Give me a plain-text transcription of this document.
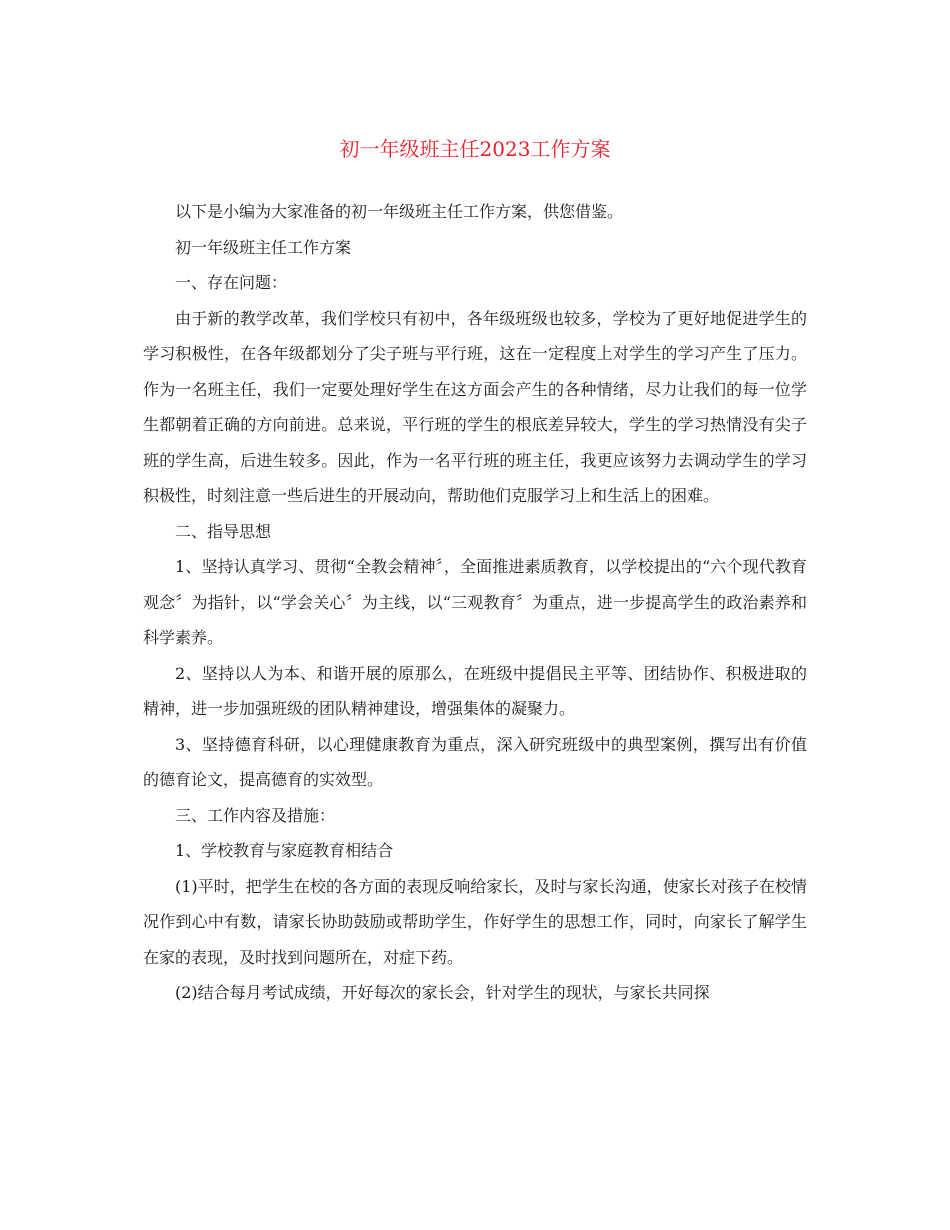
初一年级班主任2023工作方案

以下是小编为大家准备的初一年级班主任工作方案，供您借鉴。

初一年级班主任工作方案

一、存在问题：

由于新的教学改革，我们学校只有初中，各年级班级也较多，学校为了更好地促进学生的学习积极性，在各年级都划分了尖子班与平行班，这在一定程度上对学生的学习产生了压力。作为一名班主任，我们一定要处理好学生在这方面会产生的各种情绪，尽力让我们的每一位学生都朝着正确的方向前进。总来说，平行班的学生的根底差异较大，学生的学习热情没有尖子班的学生高，后进生较多。因此，作为一名平行班的班主任，我更应该努力去调动学生的学习积极性，时刻注意一些后进生的开展动向，帮助他们克服学习上和生活上的困难。

二、指导思想

1、坚持认真学习、贯彻“全教会精神〞，全面推进素质教育，以学校提出的“六个现代教育观念〞为指针，以“学会关心〞为主线，以“三观教育〞为重点，进一步提高学生的政治素养和科学素养。

2、坚持以人为本、和谐开展的原那么，在班级中提倡民主平等、团结协作、积极进取的精神，进一步加强班级的团队精神建设，增强集体的凝聚力。

3、坚持德育科研，以心理健康教育为重点，深入研究班级中的典型案例，撰写出有价值的德育论文，提高德育的实效型。

三、工作内容及措施：

1、学校教育与家庭教育相结合

(1)平时，把学生在校的各方面的表现反响给家长，及时与家长沟通，使家长对孩子在校情况作到心中有数，请家长协助鼓励或帮助学生，作好学生的思想工作，同时，向家长了解学生在家的表现，及时找到问题所在，对症下药。

(2)结合每月考试成绩，开好每次的家长会，针对学生的现状，与家长共同探
